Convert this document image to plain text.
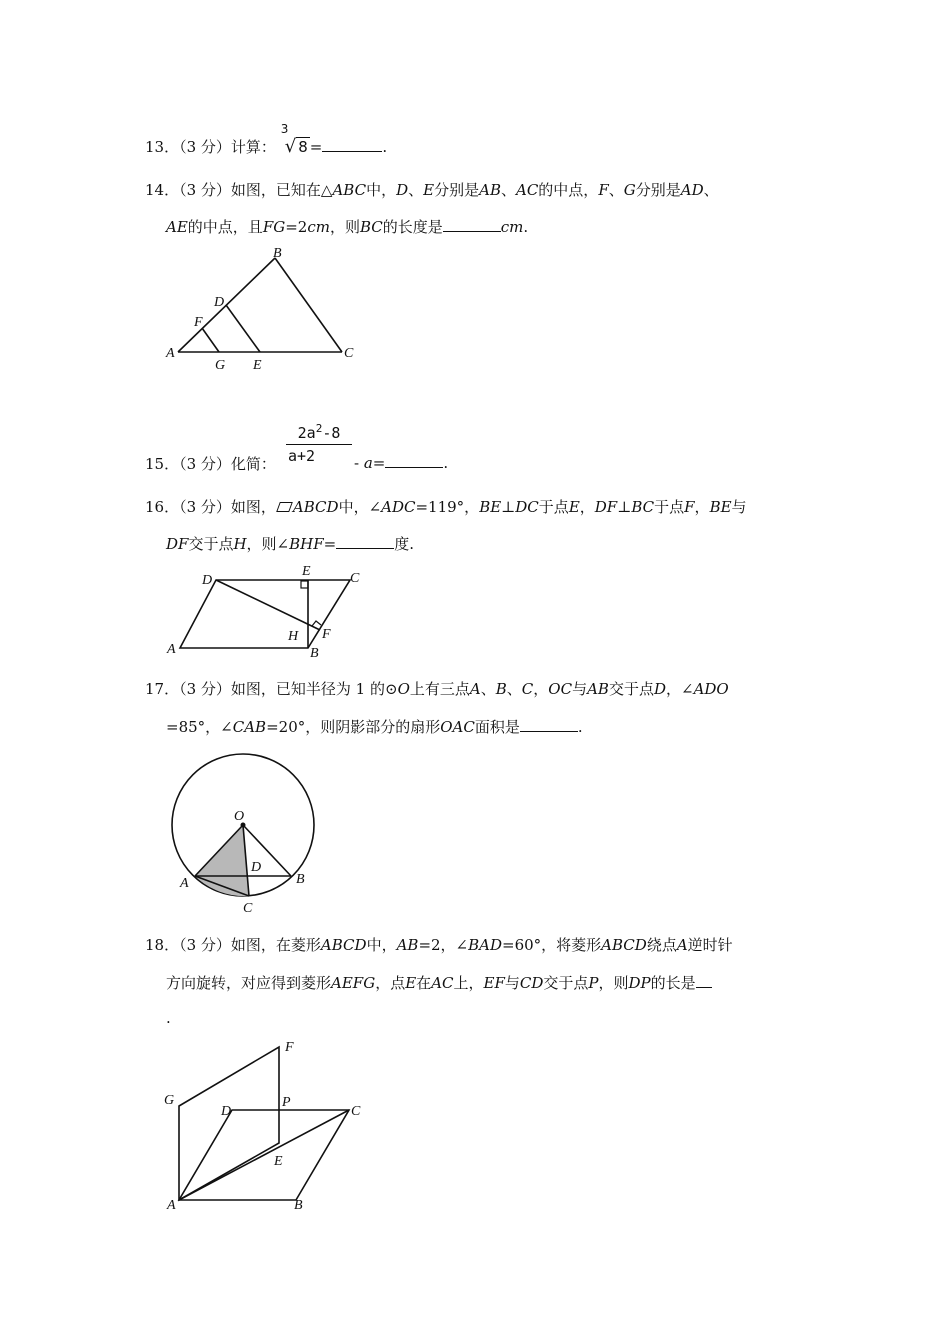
13．（3 分）计算：
3
√ 8 =	.
14．（3 分）如图，已知在△ABC中，D、E分别是AB、AC的中点，F、G分别是AD、
AE的中点，且FG=2cm，则BC的长度是	cm.
A
B
C
D
E
F
G
15．（3 分）化简： $\frac{2a^2-8}{a+2} - a=$	.
16．（3 分）如图， ABCD中，∠ADC=119°，BE⊥DC于点E，DF⊥BC于点F，BE与
DF交于点H，则∠BHF=	度.
A	B
C
D
E
F
H
17．（3 分）如图，已知半径为 1 的⊙O上有三点A、B、C，OC与AB交于点D，∠ADO
=85°，∠CAB=20°，则阴影部分的扇形OAC面积是	.
O
A	B
C
D
18．（3 分）如图，在菱形ABCD中，AB=2，∠BAD=60°，将菱形ABCD绕点A逆时针
方向旋转，对应得到菱形AEFG，点E在AC上，EF与CD交于点P，则DP的长是
.
A	B
C
D
E
F
G	P
